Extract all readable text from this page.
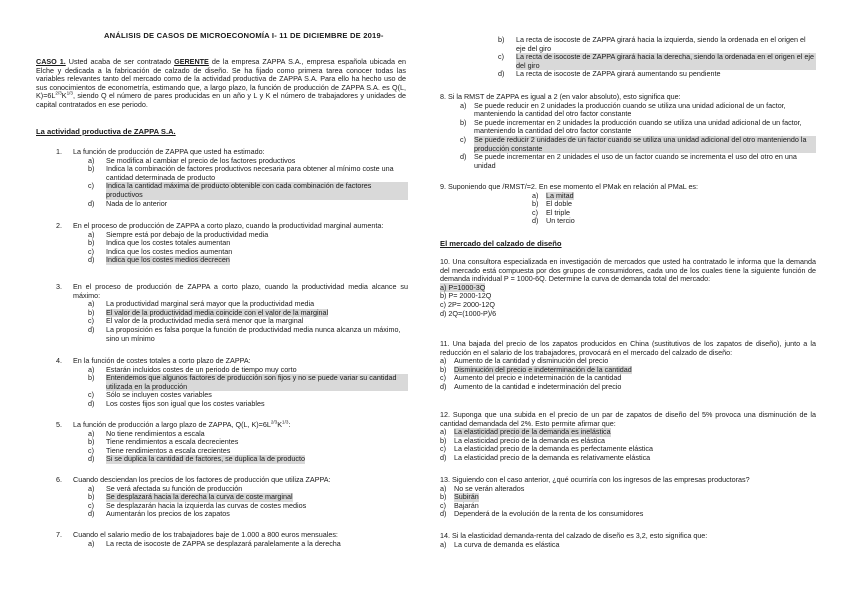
ANÁLISIS DE CASOS DE MICROECONOMÍA I- 11 DE DICIEMBRE DE 2019-
CASO 1. Usted acaba de ser contratado GERENTE de la empresa ZAPPA S.A., empresa española ubicada en Elche y dedicada a la fabricación de calzado de diseño. Se ha fijado como primera tarea conocer todas las variables relevantes tanto del mercado como de la actividad productiva de ZAPPA S.A. Para ello ha hecho uso de sus conocimientos de econometría, estimando que, a largo plazo, la función de producción de ZAPPA S.A. es Q(L, $K)=6L^{2/3}K^{1/3}$, siendo Q el número de pares producidas en un año y L y K el número de trabajadores y unidades de capital contratados en ese periodo.
La actividad productiva de ZAPPA S.A.
1. La función de producción de ZAPPA que usted ha estimado:
a)	Se modifica al cambiar el precio de los factores productivos
b)	Indica la combinación de factores productivos necesaria para obtener al mínimo coste una cantidad determinada de producto
c)	Indica la cantidad máxima de producto obtenible con cada combinación de factores productivos
d)	Nada de lo anterior
2. En el proceso de producción de ZAPPA a corto plazo, cuando la productividad marginal aumenta:
a)	Siempre está por debajo de la productividad media
b)	Indica que los costes totales aumentan
c)	Indica que los costes medios aumentan
d)	Indica que los costes medios decrecen
3. En el proceso de producción de ZAPPA a corto plazo, cuando la productividad media alcance su máximo:
a)	La productividad marginal será mayor que la productividad media
b)	El valor de la productividad media coincide con el valor de la marginal
c)	El valor de la productividad media será menor que la marginal
d)	La proposición es falsa porque la función de productividad media nunca alcanza un máximo, sino un mínimo
4. En la función de costes totales a corto plazo de ZAPPA:
a)	Estarán incluidos costes de un periodo de tiempo muy corto
b)	Entendemos que algunos factores de producción son fijos y no se puede variar su cantidad utilizada en la producción
c)	Sólo se incluyen costes variables
d)	Los costes fijos son igual que los costes variables
5. La función de producción a largo plazo de ZAPPA, Q(L, $K)=6L^{2/3}K^{1/3}$:
a)	No tiene rendimientos a escala
b)	Tiene rendimientos a escala decrecientes
c)	Tiene rendimientos a escala crecientes
d)	Si se duplica la cantidad de factores, se duplica la de producto
6. Cuando desciendan los precios de los factores de producción que utiliza ZAPPA:
a)	Se verá afectada su función de producción
b)	Se desplazará hacia la derecha la curva de coste marginal
c)	Se desplazarán hacia la izquierda las curvas de costes medios
d)	Aumentarán los precios de los zapatos
7. Cuando el salario medio de los trabajadores baje de 1.000 a 800 euros mensuales:
a)	La recta de isocoste de ZAPPA se desplazará paralelamente a la derecha
b)	La recta de isocoste de ZAPPA girará hacia la izquierda, siendo la ordenada en el origen el eje del giro
c)	La recta de isocoste de ZAPPA girará hacia la derecha, siendo la ordenada en el origen el eje del giro
d)	La recta de isocoste de ZAPPA girará aumentando su pendiente
8. Si la RMST de ZAPPA es igual a 2 (en valor absoluto), esto significa que:
a)	Se puede reducir en 2 unidades la producción cuando se utiliza una unidad adicional de un factor, manteniendo la cantidad del otro factor constante
b)	Se puede incrementar en 2 unidades la producción cuando se utiliza una unidad adicional de un factor, manteniendo la cantidad del otro factor constante
c)	Se puede reducir 2 unidades de un factor cuando se utiliza una unidad adicional del otro manteniendo la producción constante
d)	Se puede incrementar en 2 unidades el uso de un factor cuando se incrementa el uso del otro en una unidad
9. Suponiendo que /RMST/=2. En ese momento el PMak en relación al PMaL es:
a)	La mitad
b)	El doble
c)	El triple
d)	Un tercio
El mercado del calzado de diseño
10. Una consultora especializada en investigación de mercados que usted ha contratado le informa que la demanda del mercado está compuesta por dos grupos de consumidores, cada uno de los cuales tiene la siguiente función de demanda individual P = 1000-6Q. Determine la curva de demanda total del mercado:
a) P=1000-3Q
b) P= 2000-12Q
c) 2P= 2000-12Q
d) 2Q=(1000-P)/6
11. Una bajada del precio de los zapatos producidos en China (sustitutivos de los zapatos de diseño), junto a la reducción en el salario de los trabajadores, provocará en el mercado del calzado de diseño:
a)	Aumento de la cantidad y disminución del precio
b)	Disminución del precio e indeterminación de la cantidad
c)	Aumento del precio e indeterminación de la cantidad
d)	Aumento de la cantidad e indeterminación del precio
12. Suponga que una subida en el precio de un par de zapatos de diseño del 5% provoca una disminución de la cantidad demandada del 2%. Esto permite afirmar que:
a)	La elasticidad precio de la demanda es inelástica
b)	La elasticidad precio de la demanda es elástica
c)	La elasticidad precio de la demanda es perfectamente elástica
d)	La elasticidad precio de la demanda es relativamente elástica
13. Siguiendo con el caso anterior, ¿qué ocurriría con los ingresos de las empresas productoras?
a)	No se verán alterados
b)	Subirán
c)	Bajarán
d)	Dependerá de la evolución de la renta de los consumidores
14. Si la elasticidad demanda-renta del calzado de diseño es 3,2, esto significa que:
a)	La curva de demanda es elástica
